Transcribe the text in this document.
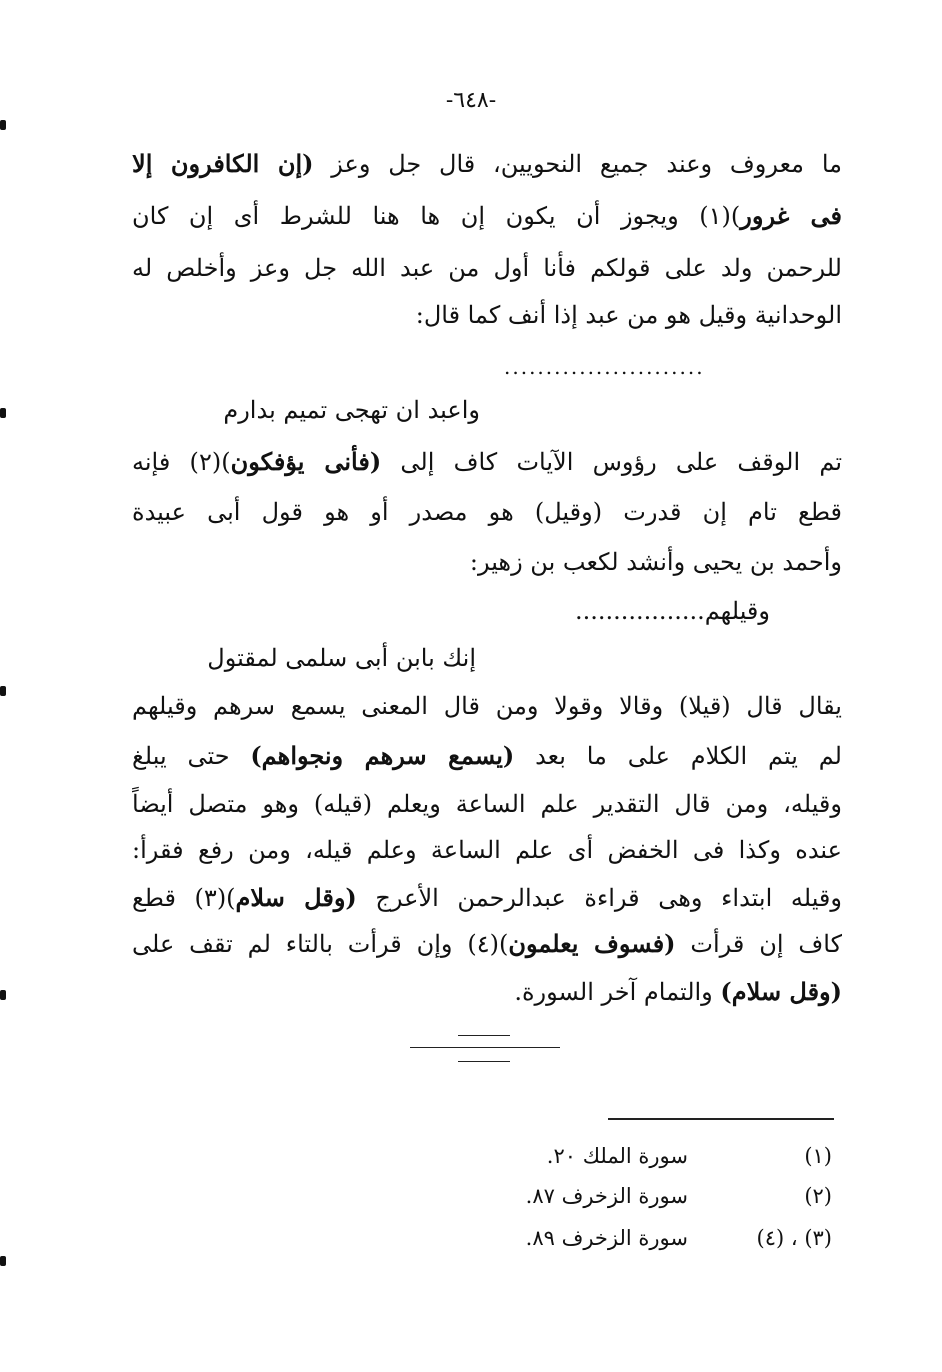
-٦٤٨-
ما معروف وعند جميع النحويين، قال جل وعز (إن الكافرون إلا
فى غرور)(١) ويجوز أن يكون إن ها هنا للشرط أى إن كان
للرحمن ولد على قولكم فأنا أول من عبد الله جل وعز وأخلص له
الوحدانية وقيل هو من عبد إذا أنف كما قال:
........................
واعبد ان تهجى تميم بدارم
تم الوقف على رؤوس الآيات كاف إلى (فأنى يؤفكون)(٢) فإنه
قطع تام إن قدرت (وقيل) هو مصدر أو هو قول أبى عبيدة
وأحمد بن يحيى وأنشد لكعب بن زهير:
وقيلهم.................
إنك بابن أبى سلمى لمقتول
يقال قال (قيلا) وقالا وقولا ومن قال المعنى يسمع سرهم وقيلهم
لم يتم الكلام على ما بعد (يسمع سرهم ونجواهم) حتى يبلغ
وقيله، ومن قال التقدير علم الساعة ويعلم (قيله) وهو متصل أيضاً
عنده وكذا فى الخفض أى علم الساعة وعلم قيله، ومن رفع فقرأ:
وقيله ابتداء وهى قراءة عبدالرحمن الأعرج (وقل سلام)(٣) قطع
كاف إن قرأت (فسوف يعلمون)(٤) وإن قرأت بالتاء لم تقف على
(وقل سلام) والتمام آخر السورة.
(١)
سورة الملك ٢٠.
(٢)
سورة الزخرف ٨٧.
(٣) ، (٤)
سورة الزخرف ٨٩.
